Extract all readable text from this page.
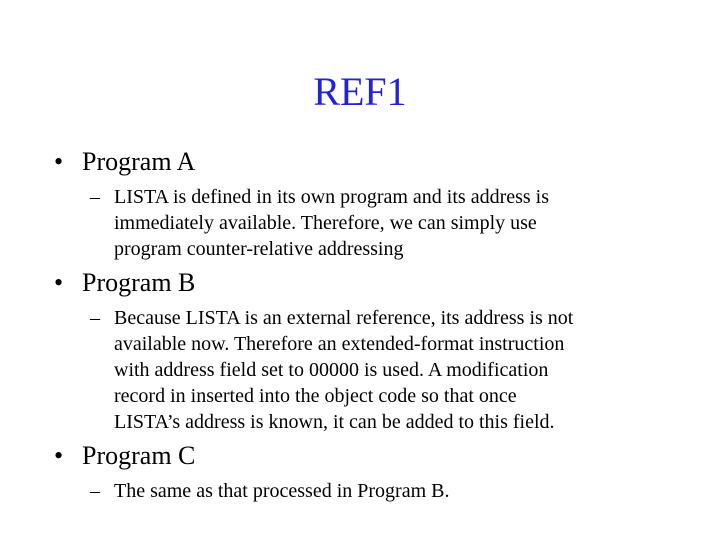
REF1
• Program A
– LISTA is defined in its own program and its address is
immediately available. Therefore, we can simply use
program counter-relative addressing
• Program B
– Because LISTA is an external reference, its address is not
available now. Therefore an extended-format instruction
with address field set to 00000 is used. A modification
record in inserted into the object code so that once
LISTA’s address is known, it can be added to this field.
• Program C
– The same as that processed in Program B.
